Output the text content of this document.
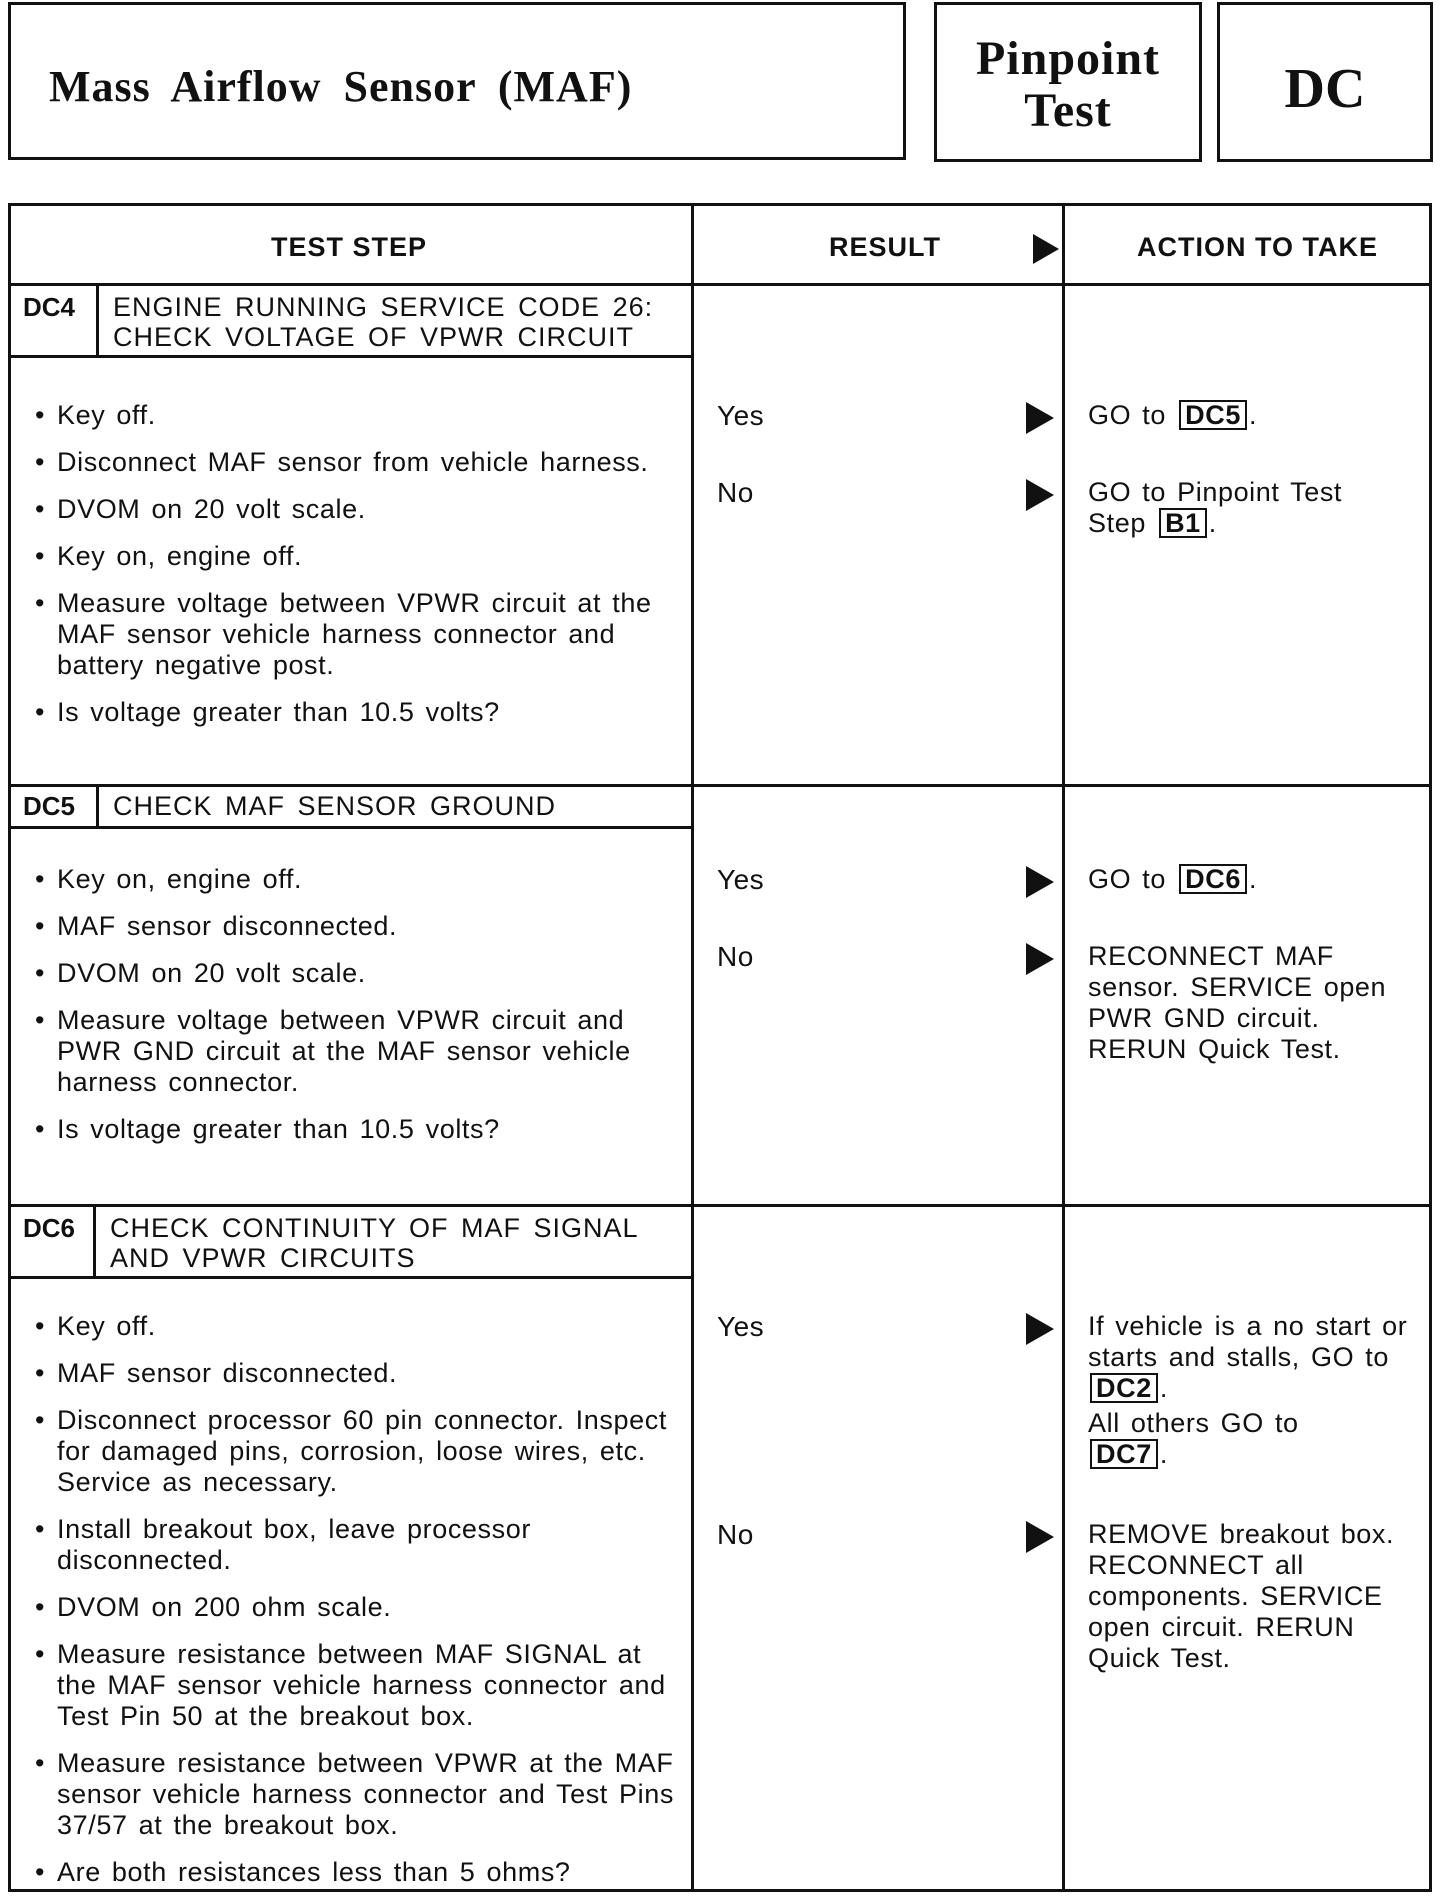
Mass Airflow Sensor (MAF)
Pinpoint
Test	DC
TEST STEP	RESULT	ACTION TO TAKE
DC4	ENGINE RUNNING SERVICE CODE 26:
CHECK VOLTAGE OF VPWR CIRCUIT
• Key off.
• Disconnect MAF sensor from vehicle harness.
• DVOM on 20 volt scale.
• Key on, engine off.
• Measure voltage between VPWR circuit at the MAF sensor vehicle harness connector and battery negative post.
• Is voltage greater than 10.5 volts?
Yes	GO to DC5 .
No	GO to Pinpoint Test Step B1 .
DC5	CHECK MAF SENSOR GROUND
• Key on, engine off.
• MAF sensor disconnected.
• DVOM on 20 volt scale.
• Measure voltage between VPWR circuit and PWR GND circuit at the MAF sensor vehicle harness connector.
• Is voltage greater than 10.5 volts?
Yes	GO to DC6 .
No	RECONNECT MAF sensor. SERVICE open PWR GND circuit. RERUN Quick Test.
DC6	CHECK CONTINUITY OF MAF SIGNAL
AND VPWR CIRCUITS
• Key off.
• MAF sensor disconnected.
• Disconnect processor 60 pin connector. Inspect for damaged pins, corrosion, loose wires, etc. Service as necessary.
• Install breakout box, leave processor disconnected.
• DVOM on 200 ohm scale.
• Measure resistance between MAF SIGNAL at the MAF sensor vehicle harness connector and Test Pin 50 at the breakout box.
• Measure resistance between VPWR at the MAF sensor vehicle harness connector and Test Pins 37/57 at the breakout box.
• Are both resistances less than 5 ohms?
Yes	If vehicle is a no start or starts and stalls, GO to DC2 .
All others GO to DC7 .
No	REMOVE breakout box. RECONNECT all components. SERVICE open circuit. RERUN Quick Test.
